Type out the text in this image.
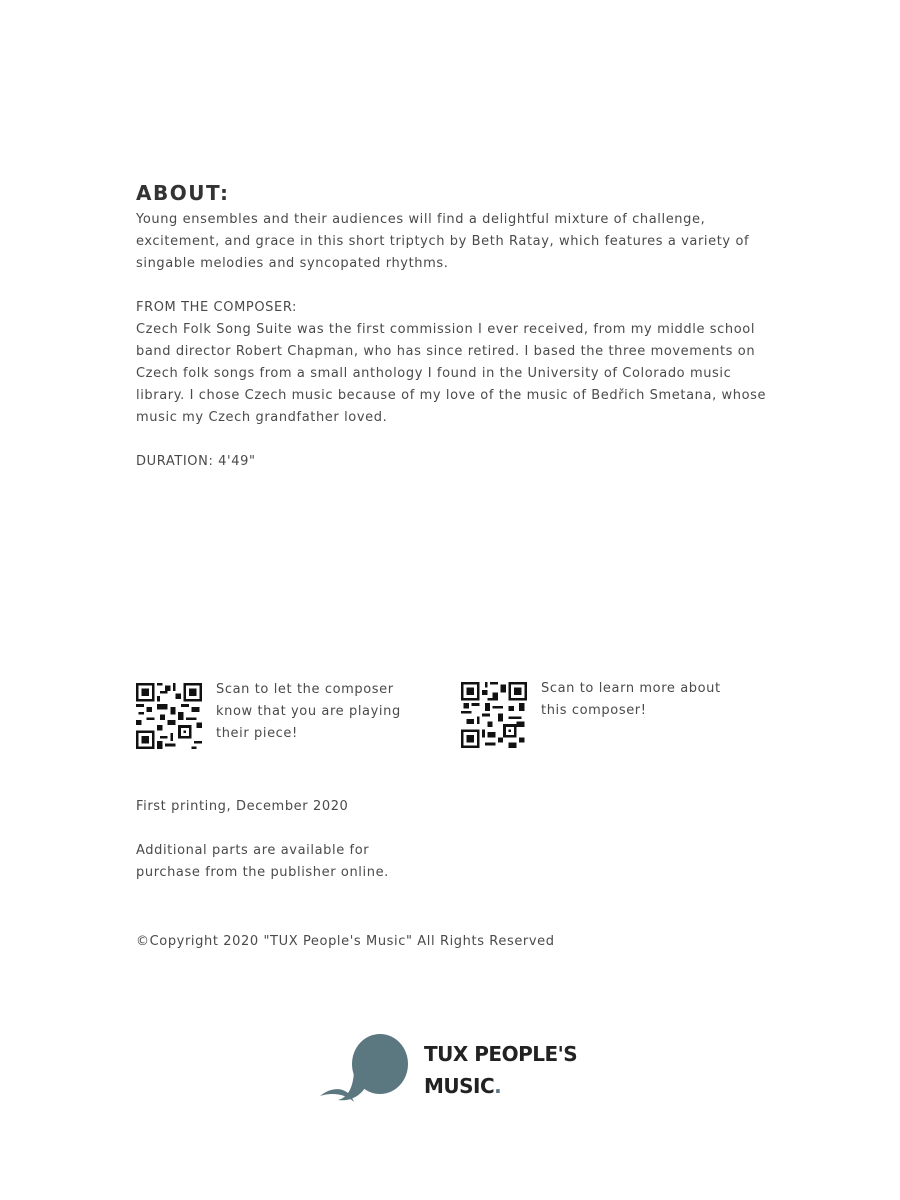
ABOUT:

Young ensembles and their audiences will find a delightful mixture of challenge, excitement, and grace in this short triptych by Beth Ratay, which features a variety of singable melodies and syncopated rhythms.

FROM THE COMPOSER:

Czech Folk Song Suite was the first commission I ever received, from my middle school band director Robert Chapman, who has since retired. I based the three movements on Czech folk songs from a small anthology I found in the University of Colorado music library. I chose Czech music because of my love of the music of Bedřich Smetana, whose music my Czech grandfather loved.

DURATION: 4'49"

Scan to let the composer know that you are playing their piece!
Scan to learn more about this composer!

First printing, December 2020

Additional parts are available for purchase from the publisher online.

©Copyright 2020 "TUX People's Music" All Rights Reserved

TUX PEOPLE'S
MUSIC.
